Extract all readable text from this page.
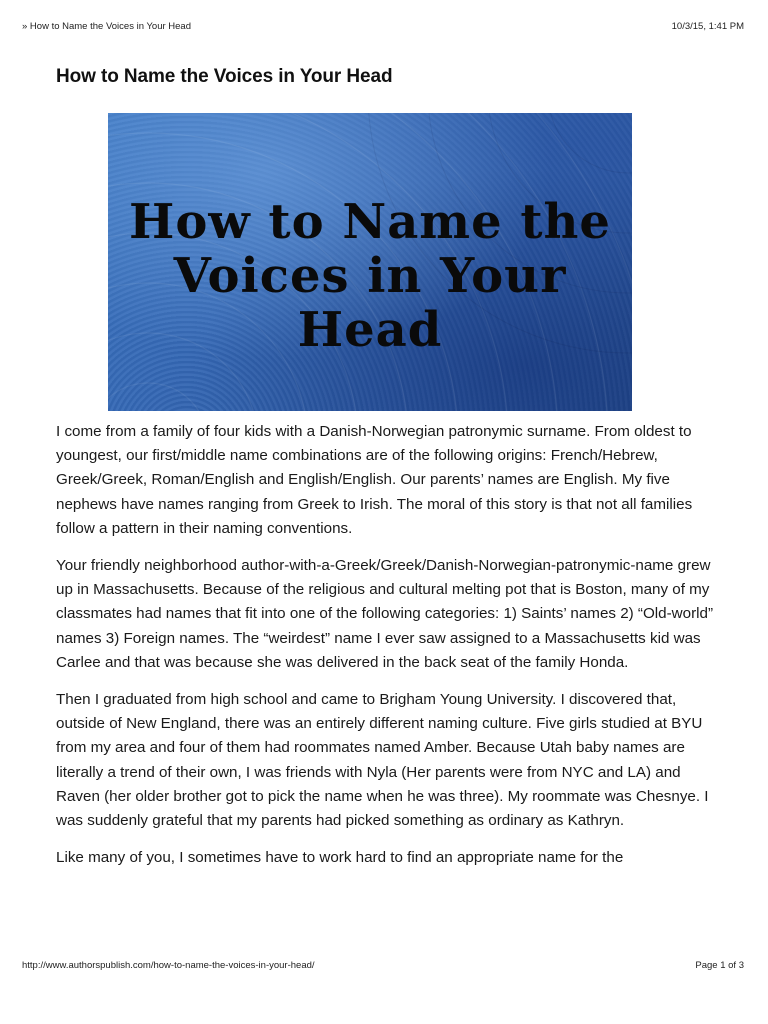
» How to Name the Voices in Your Head	10/3/15, 1:41 PM
How to Name the Voices in Your Head
How to Name the
Voices in Your Head

I come from a family of four kids with a Danish-Norwegian patronymic surname. From oldest to youngest, our first/middle name combinations are of the following origins: French/Hebrew, Greek/Greek, Roman/English and English/English. Our parents’ names are English. My five nephews have names ranging from Greek to Irish. The moral of this story is that not all families follow a pattern in their naming conventions.

Your friendly neighborhood author-with-a-Greek/Greek/Danish-Norwegian-patronymic-name grew up in Massachusetts. Because of the religious and cultural melting pot that is Boston, many of my classmates had names that fit into one of the following categories: 1) Saints’ names 2) “Old-world” names 3) Foreign names. The “weirdest” name I ever saw assigned to a Massachusetts kid was Carlee and that was because she was delivered in the back seat of the family Honda.

Then I graduated from high school and came to Brigham Young University. I discovered that, outside of New England, there was an entirely different naming culture. Five girls studied at BYU from my area and four of them had roommates named Amber. Because Utah baby names are literally a trend of their own, I was friends with Nyla (Her parents were from NYC and LA) and Raven (her older brother got to pick the name when he was three). My roommate was Chesnye. I was suddenly grateful that my parents had picked something as ordinary as Kathryn.

Like many of you, I sometimes have to work hard to find an appropriate name for the

http://www.authorspublish.com/how-to-name-the-voices-in-your-head/	Page 1 of 3
